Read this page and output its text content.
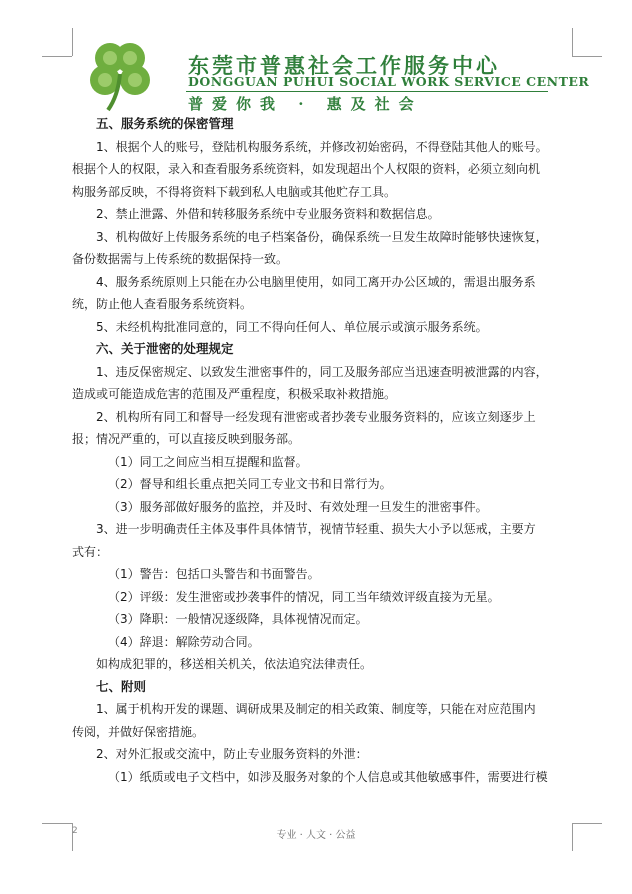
东莞市普惠社会工作服务中心
DONGGUAN PUHUI SOCIAL WORK SERVICE CENTER
普爱你我 · 惠及社会
五、服务系统的保密管理
1、根据个人的账号，登陆机构服务系统，并修改初始密码，不得登陆其他人的账号。
根据个人的权限，录入和查看服务系统资料，如发现超出个人权限的资料，必须立刻向机
构服务部反映，不得将资料下载到私人电脑或其他贮存工具。
2、禁止泄露、外借和转移服务系统中专业服务资料和数据信息。
3、机构做好上传服务系统的电子档案备份，确保系统一旦发生故障时能够快速恢复，
备份数据需与上传系统的数据保持一致。
4、服务系统原则上只能在办公电脑里使用，如同工离开办公区域的，需退出服务系
统，防止他人查看服务系统资料。
5、未经机构批准同意的，同工不得向任何人、单位展示或演示服务系统。
六、关于泄密的处理规定
1、违反保密规定、以致发生泄密事件的，同工及服务部应当迅速查明被泄露的内容，
造成或可能造成危害的范围及严重程度，积极采取补救措施。
2、机构所有同工和督导一经发现有泄密或者抄袭专业服务资料的，应该立刻逐步上
报；情况严重的，可以直接反映到服务部。
（1）同工之间应当相互提醒和监督。
（2）督导和组长重点把关同工专业文书和日常行为。
（3）服务部做好服务的监控，并及时、有效处理一旦发生的泄密事件。
3、进一步明确责任主体及事件具体情节，视情节轻重、损失大小予以惩戒，主要方
式有：
（1）警告：包括口头警告和书面警告。
（2）评级：发生泄密或抄袭事件的情况，同工当年绩效评级直接为无星。
（3）降职：一般情况逐级降，具体视情况而定。
（4）辞退：解除劳动合同。
如构成犯罪的，移送相关机关，依法追究法律责任。
七、附则
1、属于机构开发的课题、调研成果及制定的相关政策、制度等，只能在对应范围内
传阅，并做好保密措施。
2、对外汇报或交流中，防止专业服务资料的外泄：
（1）纸质或电子文档中，如涉及服务对象的个人信息或其他敏感事件，需要进行模
2	专业 · 人文 · 公益
